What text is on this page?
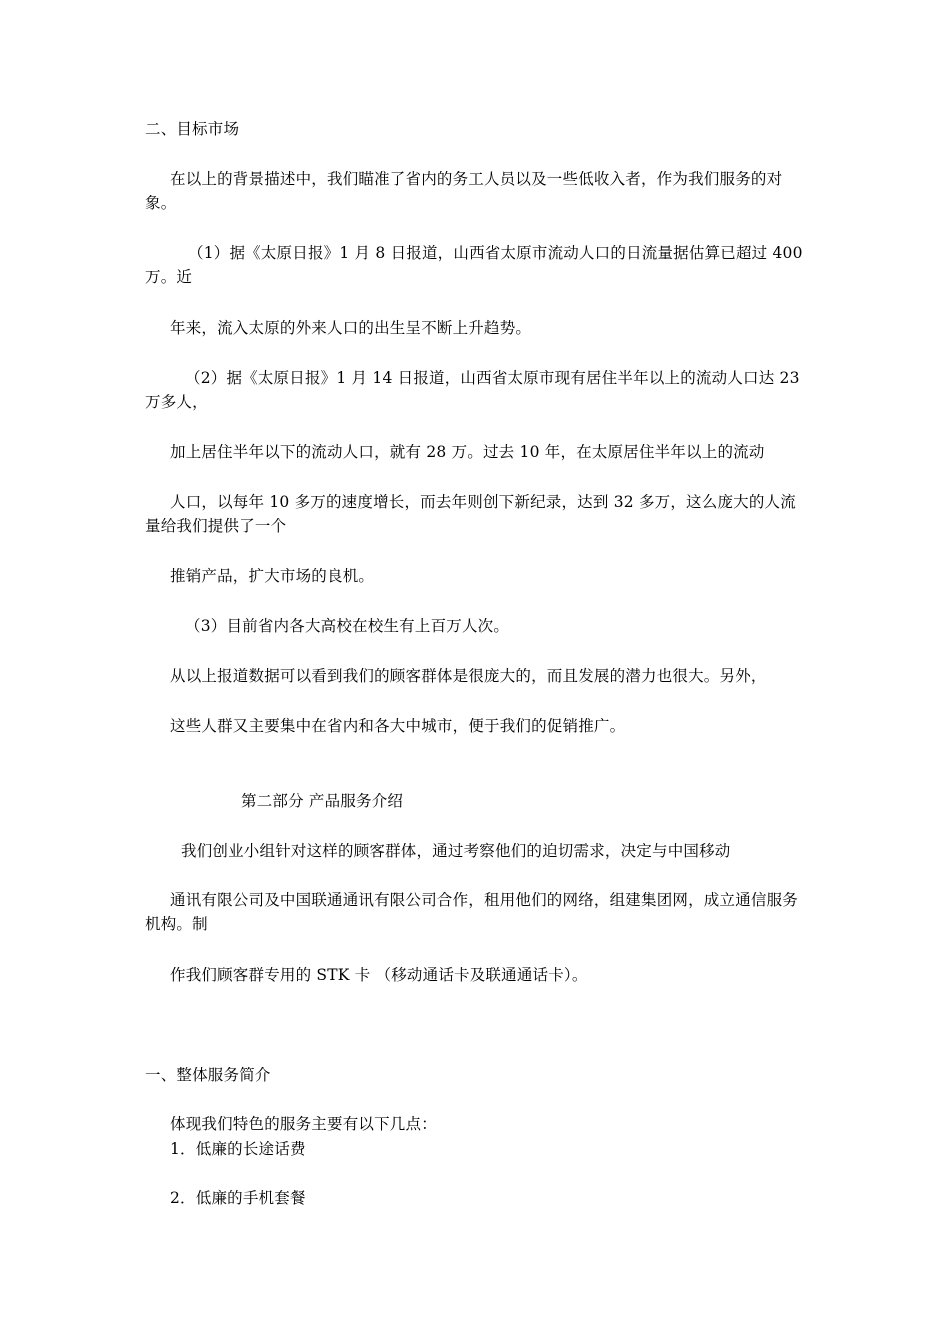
二、目标市场
在以上的背景描述中，我们瞄准了省内的务工人员以及一些低收入者，作为我们服务的对象。
（1）据《太原日报》1 月 8 日报道，山西省太原市流动人口的日流量据估算已超过 400 万。近
年来，流入太原的外来人口的出生呈不断上升趋势。
（2）据《太原日报》1 月 14 日报道，山西省太原市现有居住半年以上的流动人口达 23 万多人，
加上居住半年以下的流动人口，就有 28 万。过去 10 年，在太原居住半年以上的流动
人口，以每年 10 多万的速度增长，而去年则创下新纪录，达到 32 多万，这么庞大的人流量给我们提供了一个
推销产品，扩大市场的良机。
（3）目前省内各大高校在校生有上百万人次。
从以上报道数据可以看到我们的顾客群体是很庞大的，而且发展的潜力也很大。另外，
这些人群又主要集中在省内和各大中城市，便于我们的促销推广。
第二部分 产品服务介绍
我们创业小组针对这样的顾客群体，通过考察他们的迫切需求，决定与中国移动
通讯有限公司及中国联通通讯有限公司合作，租用他们的网络，组建集团网，成立通信服务机构。制
作我们顾客群专用的 STK 卡 （移动通话卡及联通通话卡）。
一、整体服务简介
体现我们特色的服务主要有以下几点：
1．低廉的长途话费
2．低廉的手机套餐
